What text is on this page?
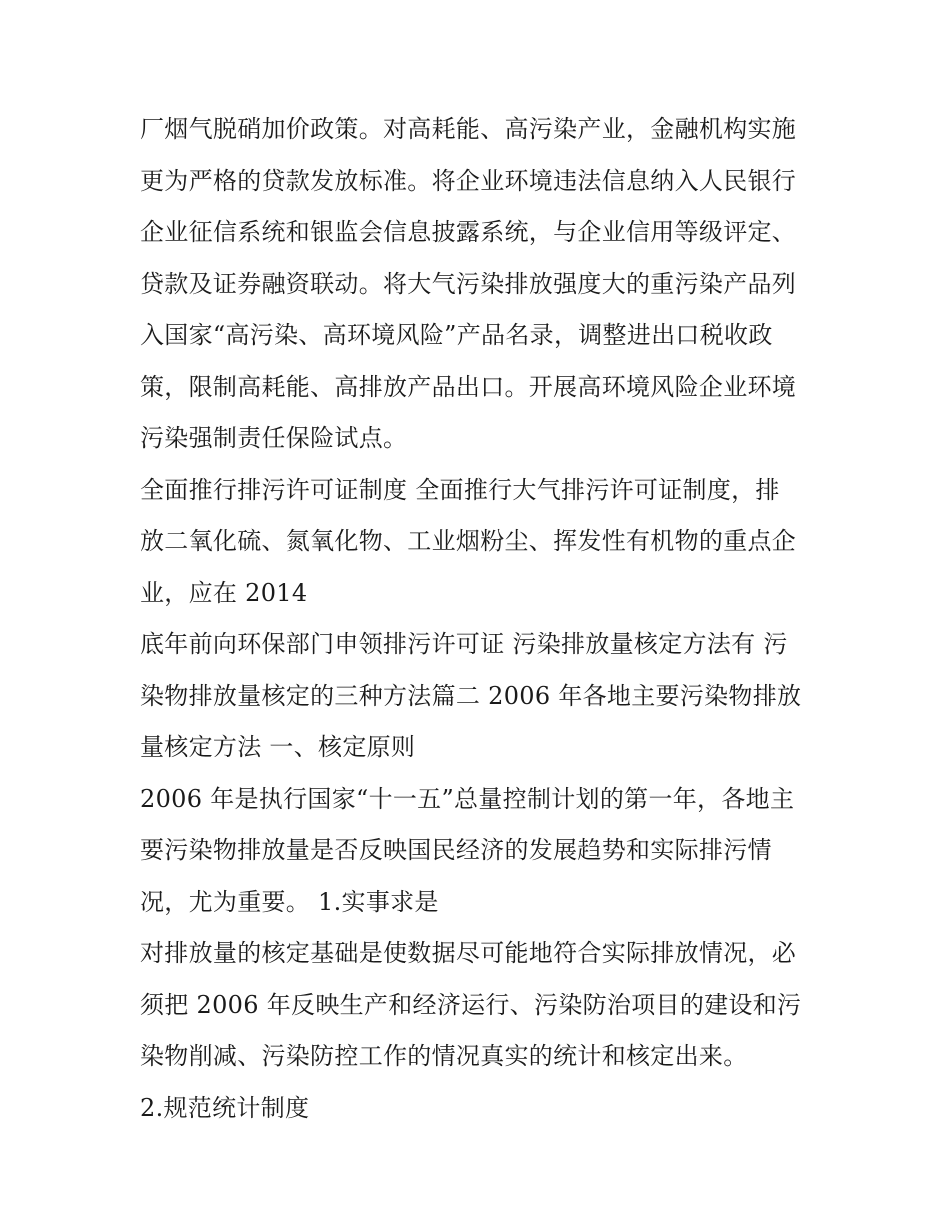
厂烟气脱硝加价政策。对高耗能、高污染产业，金融机构实施
更为严格的贷款发放标准。将企业环境违法信息纳入人民银行
企业征信系统和银监会信息披露系统，与企业信用等级评定、
贷款及证券融资联动。将大气污染排放强度大的重污染产品列
入国家“高污染、高环境风险”产品名录，调整进出口税收政
策，限制高耗能、高排放产品出口。开展高环境风险企业环境
污染强制责任保险试点。
全面推行排污许可证制度 全面推行大气排污许可证制度，排
放二氧化硫、氮氧化物、工业烟粉尘、挥发性有机物的重点企
业，应在 2014
底年前向环保部门申领排污许可证 污染排放量核定方法有 污
染物排放量核定的三种方法篇二 2006 年各地主要污染物排放
量核定方法 一、核定原则
2006 年是执行国家“十一五”总量控制计划的第一年，各地主
要污染物排放量是否反映国民经济的发展趋势和实际排污情
况，尤为重要。 1.实事求是
对排放量的核定基础是使数据尽可能地符合实际排放情况，必
须把 2006 年反映生产和经济运行、污染防治项目的建设和污
染物削减、污染防控工作的情况真实的统计和核定出来。
2.规范统计制度
